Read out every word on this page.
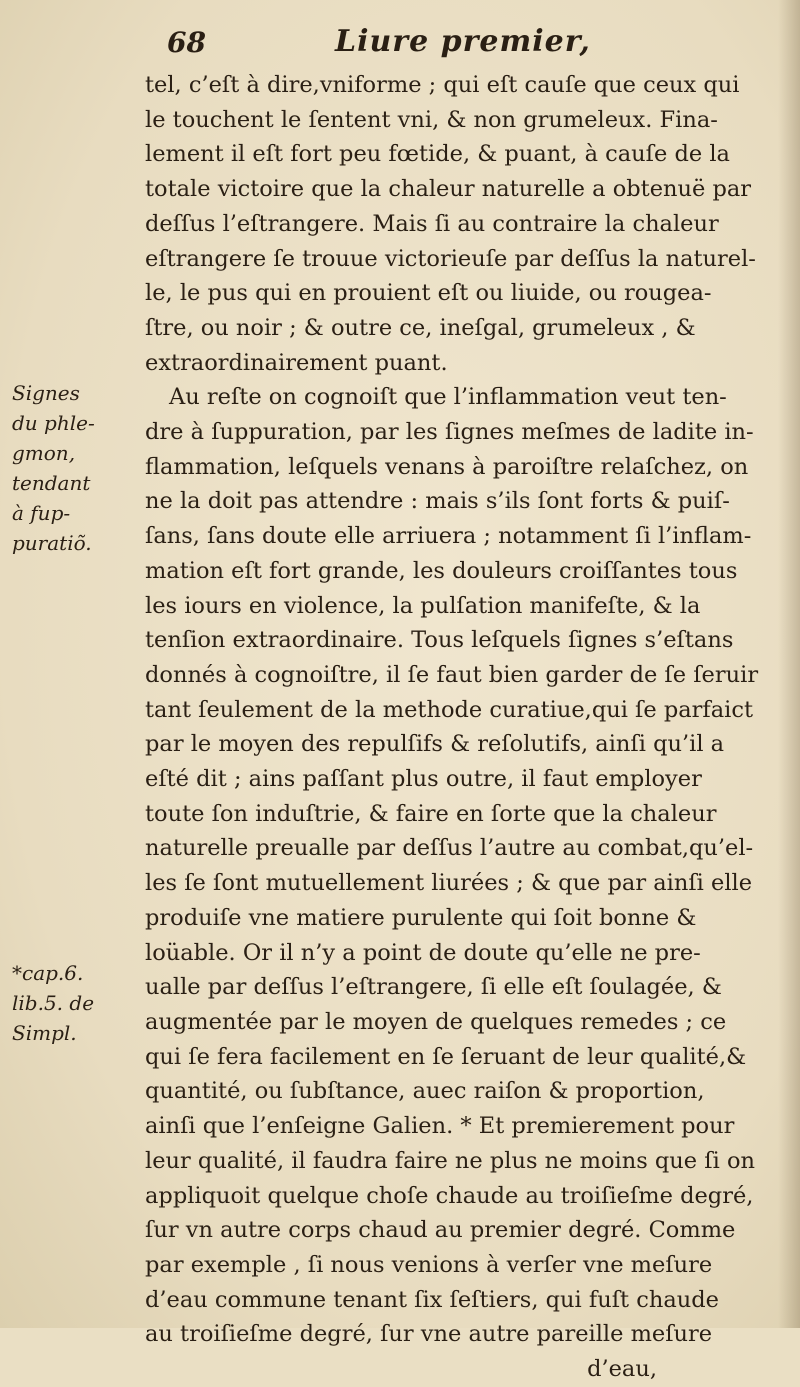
68	Liure premier,
Signes
du phle-
gmon,
tendant
à fup-
puratiõ.
*cap.6.
lib.5. de
Simpl.
tel, c’eſt à dire,vniforme ; qui eſt cauſe que ceux qui
le touchent le ſentent vni, & non grumeleux. Fina-
lement il eſt fort peu fœtide, & puant, à cauſe de la
totale victoire que la chaleur naturelle a obtenuë par
deſſus l’eſtrangere. Mais ſi au contraire la chaleur
eſtrangere ſe trouue victorieuſe par deſſus la naturel-
le, le pus qui en prouient eſt ou liuide, ou rougea-
ſtre, ou noir ; & outre ce, ineſgal, grumeleux , &
extraordinairement puant.
Au reſte on cognoiſt que l’inflammation veut ten-
dre à ſuppuration, par les ſignes meſmes de ladite in-
flammation, leſquels venans à paroiſtre relaſchez, on
ne la doit pas attendre : mais s’ils ſont forts & puiſ-
ſans, ſans doute elle arriuera ; notamment ſi l’inflam-
mation eſt fort grande, les douleurs croiſſantes tous
les iours en violence, la pulſation manifeſte, & la
tenſion extraordinaire. Tous leſquels ſignes s’eſtans
donnés à cognoiſtre, il ſe faut bien garder de ſe ſeruir
tant ſeulement de la methode curatiue,qui ſe parfaict
par le moyen des repulſifs & reſolutifs, ainſi qu’il a
eſté dit ; ains paſſant plus outre, il faut employer
toute ſon induſtrie, & faire en ſorte que la chaleur
naturelle preualle par deſſus l’autre au combat,qu’el-
les ſe ſont mutuellement liurées ; & que par ainſi elle
produiſe vne matiere purulente qui ſoit bonne &
loüable. Or il n’y a point de doute qu’elle ne pre-
ualle par deſſus l’eſtrangere, ſi elle eſt ſoulagée, &
augmentée par le moyen de quelques remedes ; ce
qui ſe fera facilement en ſe ſeruant de leur qualité,&
quantité, ou ſubſtance, auec raiſon & proportion,
ainſi que l’enſeigne Galien. * Et premierement pour
leur qualité, il faudra faire ne plus ne moins que ſi on
appliquoit quelque choſe chaude au troiſieſme degré,
ſur vn autre corps chaud au premier degré. Comme
par exemple , ſi nous venions à verſer vne meſure
d’eau commune tenant ſix ſeſtiers, qui fuſt chaude
au troiſieſme degré, ſur vne autre pareille meſure
d’eau,
